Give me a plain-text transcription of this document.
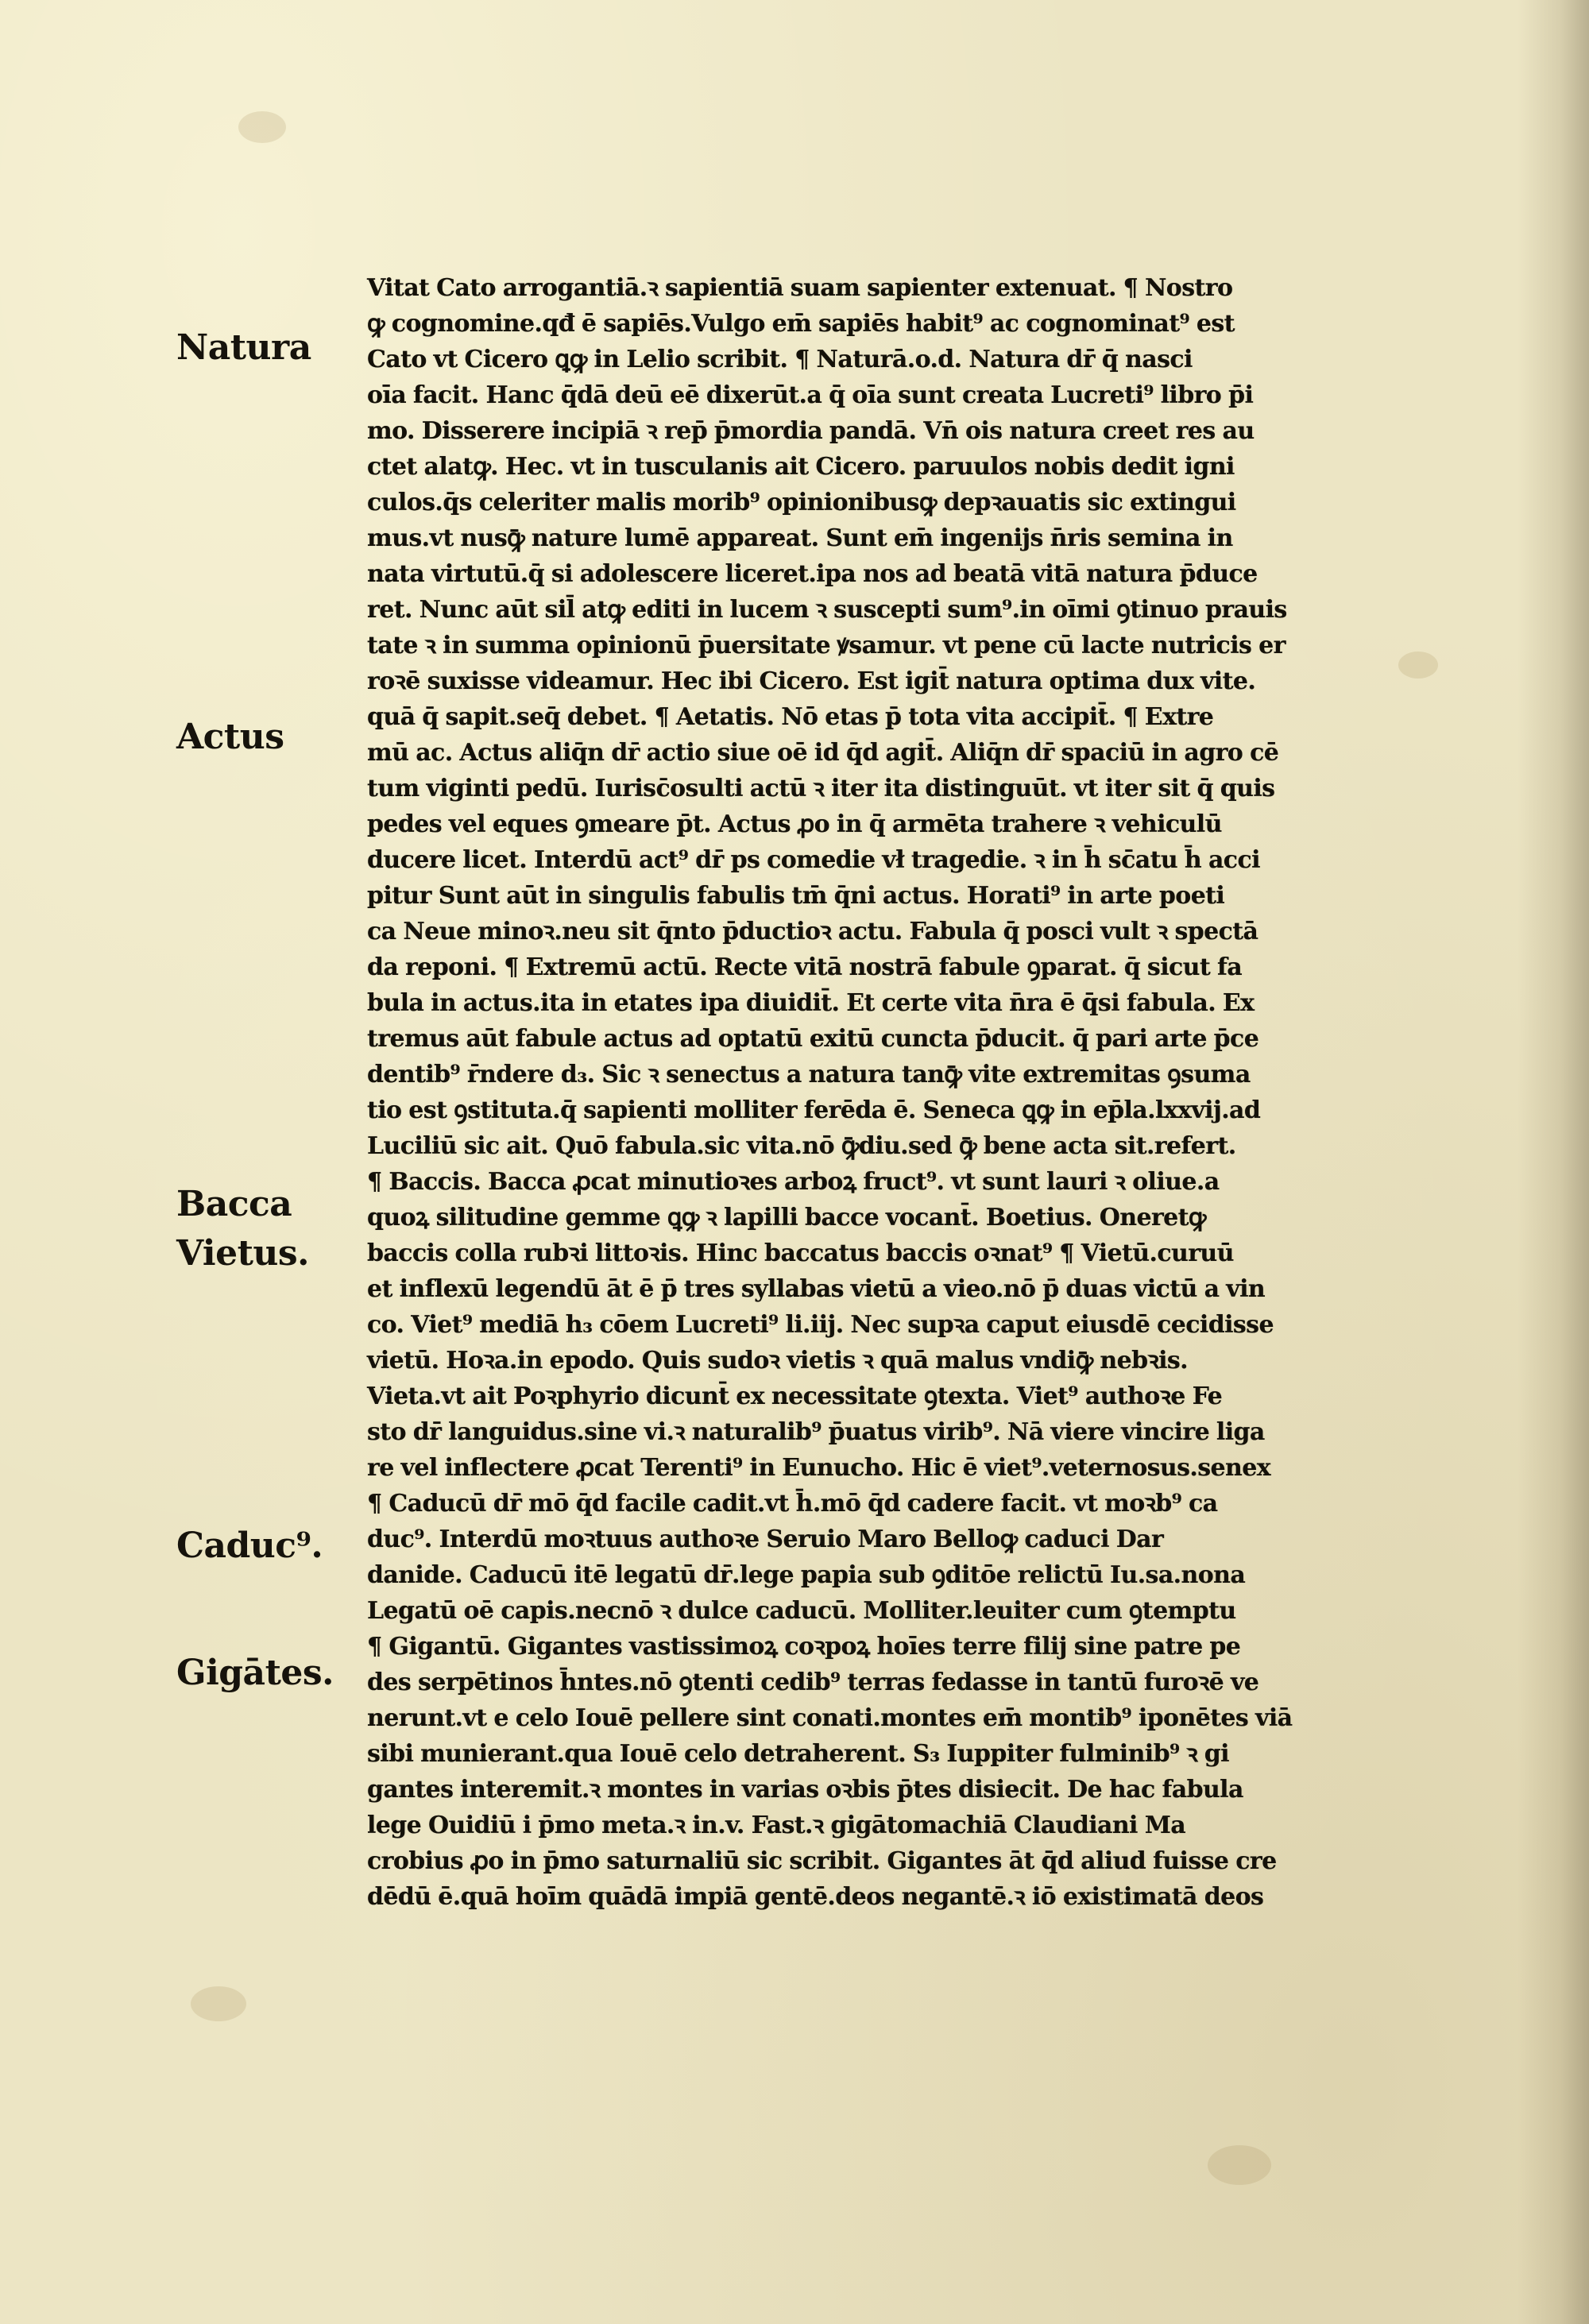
Natura
Actus
Bacca
Vietus.
Caduc⁹.
Gigātes.
Vitat Cato arrogantiā.ꝛ sapientiā suam sapienter extenuat. ¶ Nostro
ꝙ cognomine.qđ ē sapiēs.Vulgo em̄ sapiēs habit⁹ ac cognominat⁹ est
Cato vt Cicero ꝗꝙ in Lelio scribit. ¶ Naturā.o.d. Natura dr̄ q̄ nasci
oīa facit. Hanc q̄dā deū eē dixerūt.a q̄ oīa sunt creata Lucreti⁹ libro p̄i
mo. Disserere incipiā ꝛ rep̄ p̄mordia pandā. Vn̄ ois natura creet res au
ctet alatꝙ. Hec. vt in tusculanis ait Cicero. paruulos nobis dedit igni
culos.q̄s celeriter malis morib⁹ opinionibusꝙ depꝛauatis sic extingui
mus.vt nusꝙ̄ nature lumē appareat. Sunt em̄ ingenijs n̄ris semina in
nata virtutū.q̄ si adolescere liceret.ipa nos ad beatā vitā natura p̄duce
ret. Nunc aūt sil̄ atꝙ editi in lucem ꝛ suscepti sum⁹.in oīmi ꝯtinuo prauis
tate ꝛ in summa opinionū p̄uersitate ꝟsamur. vt pene cū lacte nutricis er
roꝛē suxisse videamur. Hec ibi Cicero. Est igit̄ natura optima dux vite.
quā q̄ sapit.seq̄ debet. ¶ Aetatis. Nō etas p̄ tota vita accipit̄. ¶ Extre
mū ac. Actus aliq̄n dr̄ actio siue oē id q̄d agit̄. Aliq̄n dr̄ spaciū in agro cē
tum viginti pedū. Iurisc̄osulti actū ꝛ iter ita distinguūt. vt iter sit q̄ quis
pedes vel eques ꝯmeare p̄t. Actus ꝓo in q̄ armēta trahere ꝛ vehiculū
ducere licet. Interdū act⁹ dr̄ ps comedie vł tragedie. ꝛ in h̄ sc̄atu h̄ acci
pitur Sunt aūt in singulis fabulis tm̄ q̄ni actus. Horati⁹ in arte poeti
ca Neue minoꝛ.neu sit q̄nto p̄ductioꝛ actu. Fabula q̄ posci vult ꝛ spectā
da reponi. ¶ Extremū actū. Recte vitā nostrā fabule ꝯparat. q̄ sicut fa
bula in actus.ita in etates ipa diuidit̄. Et certe vita n̄ra ē q̄si fabula. Ex
tremus aūt fabule actus ad optatū exitū cuncta p̄ducit. q̄ pari arte p̄ce
dentib⁹ r̄ndere d₃. Sic ꝛ senectus a natura tanꝙ̄ vite extremitas ꝯsuma
tio est ꝯstituta.q̄ sapienti molliter ferēda ē. Seneca ꝗꝙ in ep̄la.lxxvij.ad
Luciliū sic ait. Quō fabula.sic vita.nō ꝙ̄diu.sed ꝙ̄ bene acta sit.refert.
¶ Baccis. Bacca ꝓcat minutioꝛes arboꝝ fruct⁹. vt sunt lauri ꝛ oliue.a
quoꝝ silitudine gemme ꝗꝙ ꝛ lapilli bacce vocant̄. Boetius. Oneretꝙ
baccis colla rubꝛi littoꝛis. Hinc baccatus baccis oꝛnat⁹ ¶ Vietū.curuū
et inflexū legendū āt ē p̄ tres syllabas vietū a vieo.nō p̄ duas victū a vin
co. Viet⁹ mediā h₃ cōem Lucreti⁹ li.iij. Nec supꝛa caput eiusdē cecidisse
vietū. Hoꝛa.in epodo. Quis sudoꝛ vietis ꝛ quā malus vndiꝙ̄ nebꝛis.
Vieta.vt ait Poꝛphyrio dicunt̄ ex necessitate ꝯtexta. Viet⁹ authoꝛe Fe
sto dr̄ languidus.sine vi.ꝛ naturalib⁹ p̄uatus virib⁹. Nā viere vincire liga
re vel inflectere ꝓcat Terenti⁹ in Eunucho. Hic ē viet⁹.veternosus.senex
¶ Caducū dr̄ mō q̄d facile cadit.vt h̄.mō q̄d cadere facit. vt moꝛb⁹ ca
duc⁹. Interdū moꝛtuus authoꝛe Seruio Maro Belloꝙ caduci Dar
danide. Caducū itē legatū dr̄.lege papia sub ꝯditōe relictū Iu.sa.nona
Legatū oē capis.necnō ꝛ dulce caducū. Molliter.leuiter cum ꝯtemptu
¶ Gigantū. Gigantes vastissimoꝝ coꝛpoꝝ hoīes terre filij sine patre pe
des serpētinos h̄ntes.nō ꝯtenti cedib⁹ terras fedasse in tantū furoꝛē ve
nerunt.vt e celo Iouē pellere sint conati.montes em̄ montib⁹ iponētes viā
sibi munierant.qua Iouē celo detraherent. S₃ Iuppiter fulminib⁹ ꝛ gi
gantes interemit.ꝛ montes in varias oꝛbis p̄tes disiecit. De hac fabula
lege Ouidiū i p̄mo meta.ꝛ in.v. Fast.ꝛ gigātomachiā Claudiani Ma
crobius ꝓo in p̄mo saturnaliū sic scribit. Gigantes āt q̄d aliud fuisse cre
dēdū ē.quā hoīm quādā impiā gentē.deos negantē.ꝛ iō existimatā deos
